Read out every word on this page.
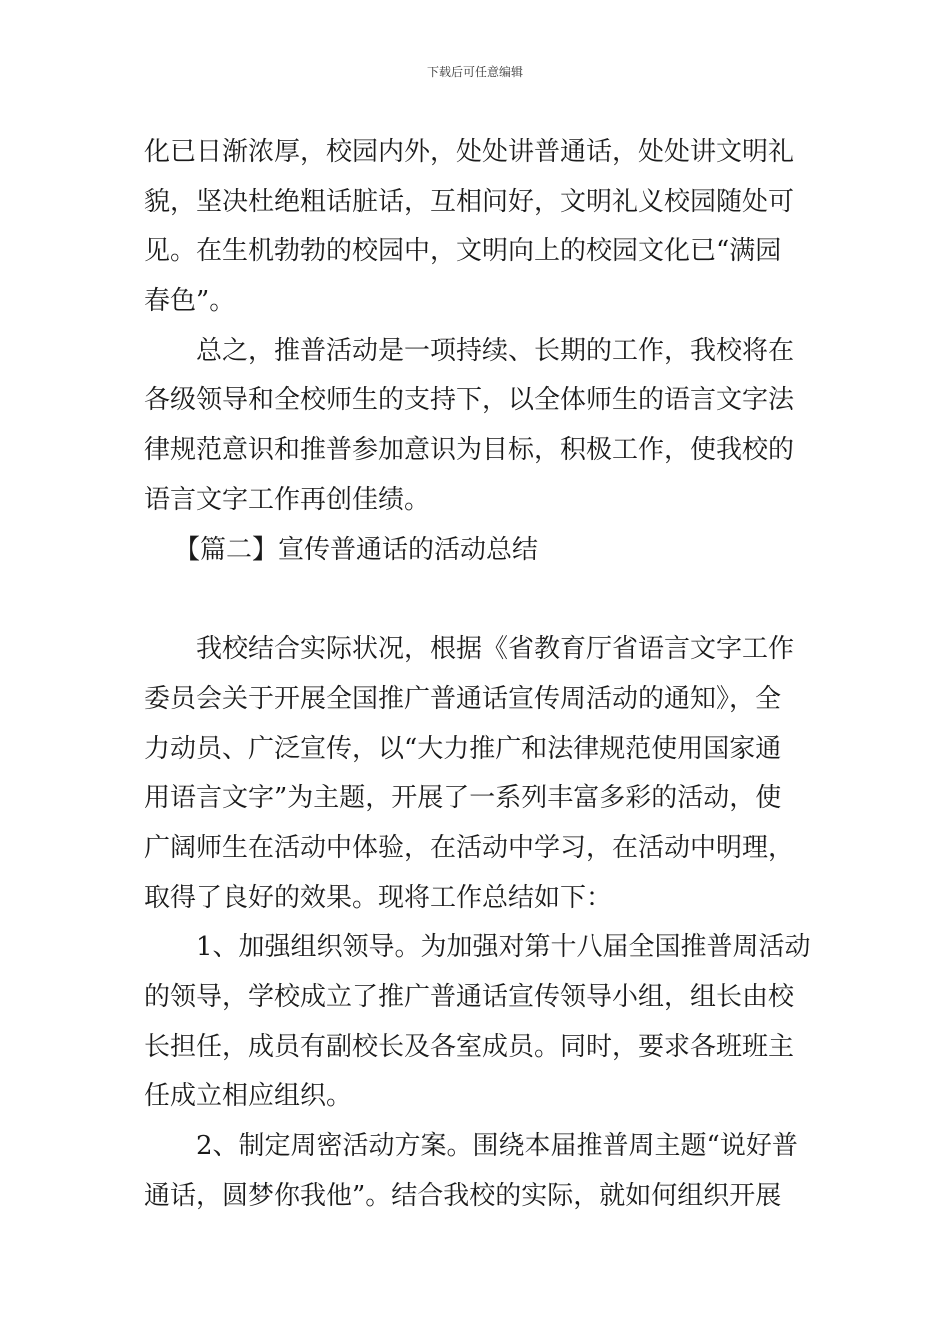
下载后可任意编辑
化已日渐浓厚，校园内外，处处讲普通话，处处讲文明礼
貌，坚决杜绝粗话脏话，互相问好，文明礼义校园随处可
见。在生机勃勃的校园中，文明向上的校园文化已“满园
春色”。
总之，推普活动是一项持续、长期的工作，我校将在
各级领导和全校师生的支持下，以全体师生的语言文字法
律规范意识和推普参加意识为目标，积极工作，使我校的
语言文字工作再创佳绩。
【篇二】宣传普通话的活动总结
我校结合实际状况，根据《省教育厅省语言文字工作
委员会关于开展全国推广普通话宣传周活动的通知》，全
力动员、广泛宣传，以“大力推广和法律规范使用国家通
用语言文字”为主题，开展了一系列丰富多彩的活动，使
广阔师生在活动中体验，在活动中学习，在活动中明理，
取得了良好的效果。现将工作总结如下：
1、加强组织领导。为加强对第十八届全国推普周活动
的领导，学校成立了推广普通话宣传领导小组，组长由校
长担任，成员有副校长及各室成员。同时，要求各班班主
任成立相应组织。
2、制定周密活动方案。围绕本届推普周主题“说好普
通话，圆梦你我他”。结合我校的实际，就如何组织开展
